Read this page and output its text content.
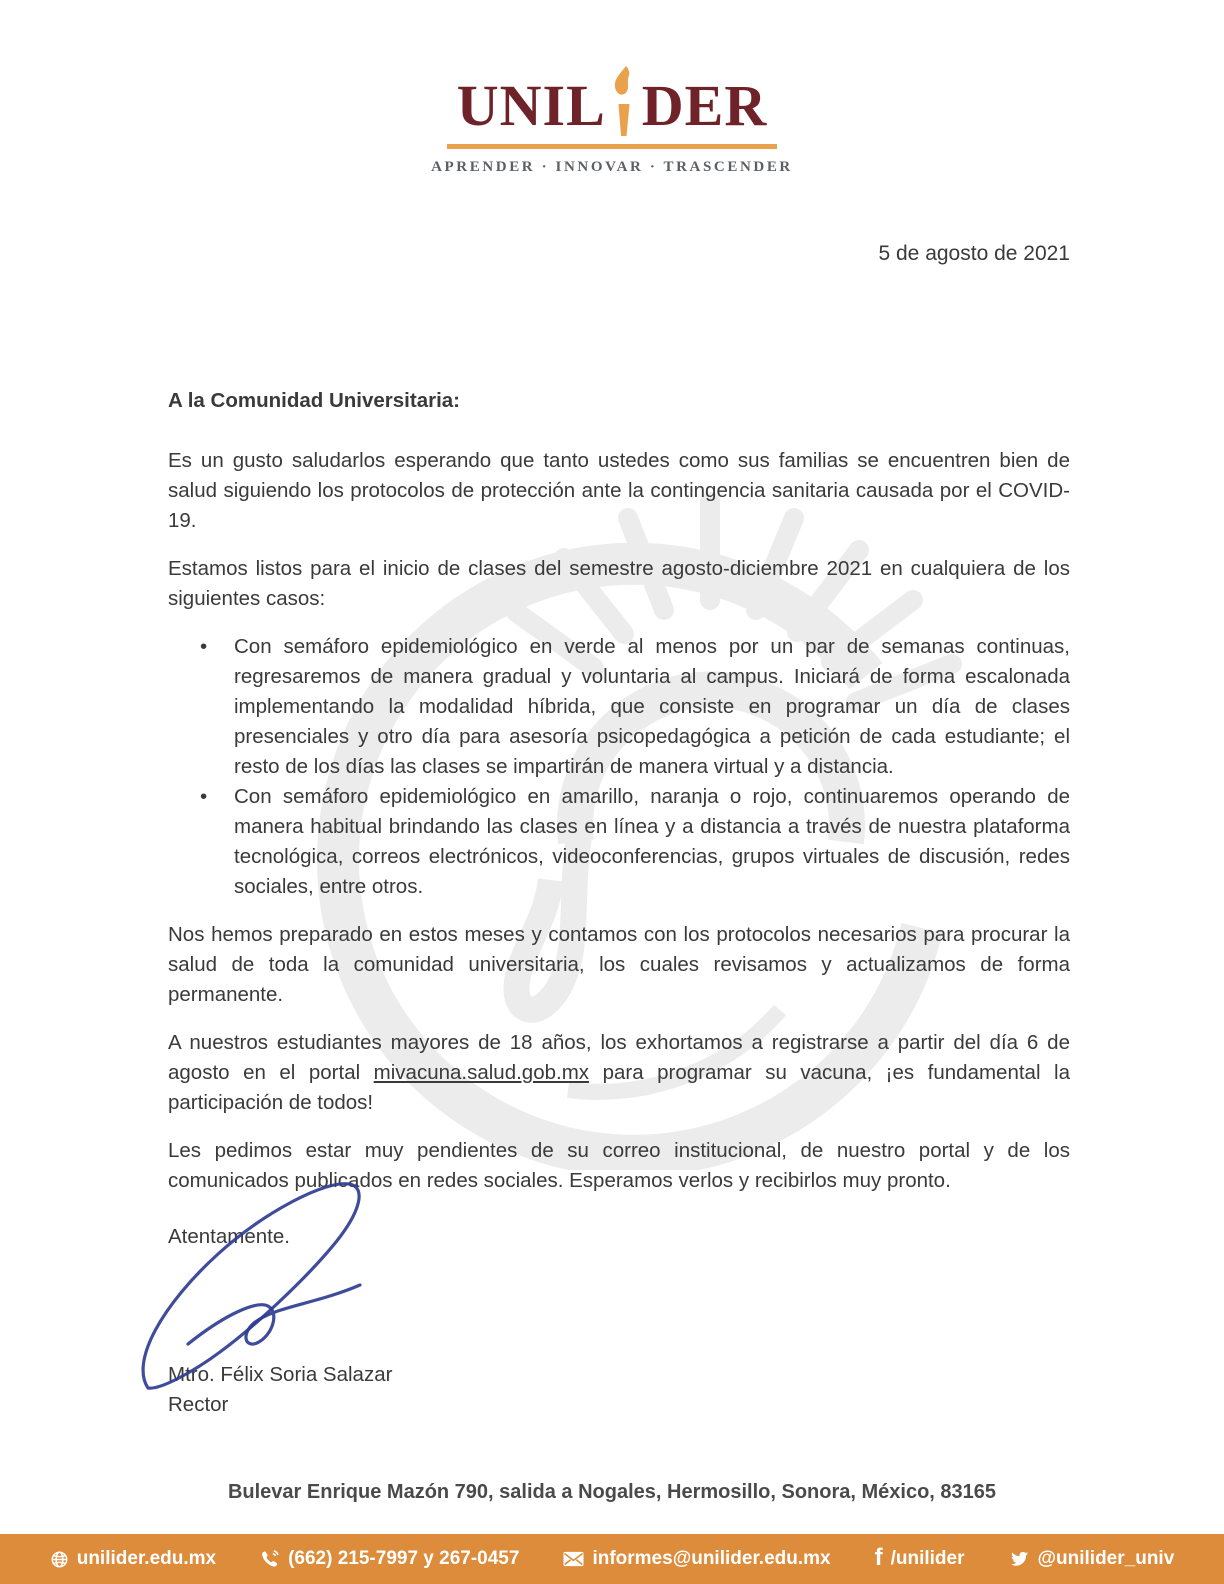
UNIL DER
APRENDER · INNOVAR · TRASCENDER
5 de agosto de 2021

A la Comunidad Universitaria:

Es un gusto saludarlos esperando que tanto ustedes como sus familias se encuentren bien de salud siguiendo los protocolos de protección ante la contingencia sanitaria causada por el COVID-19.

Estamos listos para el inicio de clases del semestre agosto-diciembre 2021 en cualquiera de los siguientes casos:

• Con semáforo epidemiológico en verde al menos por un par de semanas continuas, regresaremos de manera gradual y voluntaria al campus. Iniciará de forma escalonada implementando la modalidad híbrida, que consiste en programar un día de clases presenciales y otro día para asesoría psicopedagógica a petición de cada estudiante; el resto de los días las clases se impartirán de manera virtual y a distancia.
• Con semáforo epidemiológico en amarillo, naranja o rojo, continuaremos operando de manera habitual brindando las clases en línea y a distancia a través de nuestra plataforma tecnológica, correos electrónicos, videoconferencias, grupos virtuales de discusión, redes sociales, entre otros.

Nos hemos preparado en estos meses y contamos con los protocolos necesarios para procurar la salud de toda la comunidad universitaria, los cuales revisamos y actualizamos de forma permanente.

A nuestros estudiantes mayores de 18 años, los exhortamos a registrarse a partir del día 6 de agosto en el portal mivacuna.salud.gob.mx para programar su vacuna, ¡es fundamental la participación de todos!

Les pedimos estar muy pendientes de su correo institucional, de nuestro portal y de los comunicados publicados en redes sociales. Esperamos verlos y recibirlos muy pronto.

Atentamente.

Mtro. Félix Soria Salazar

Rector

Bulevar Enrique Mazón 790, salida a Nogales, Hermosillo, Sonora, México, 83165
unilider.edu.mx	(662) 215-7997 y 267-0457	informes@unilider.edu.mx f /unilider	@unilider_univ
